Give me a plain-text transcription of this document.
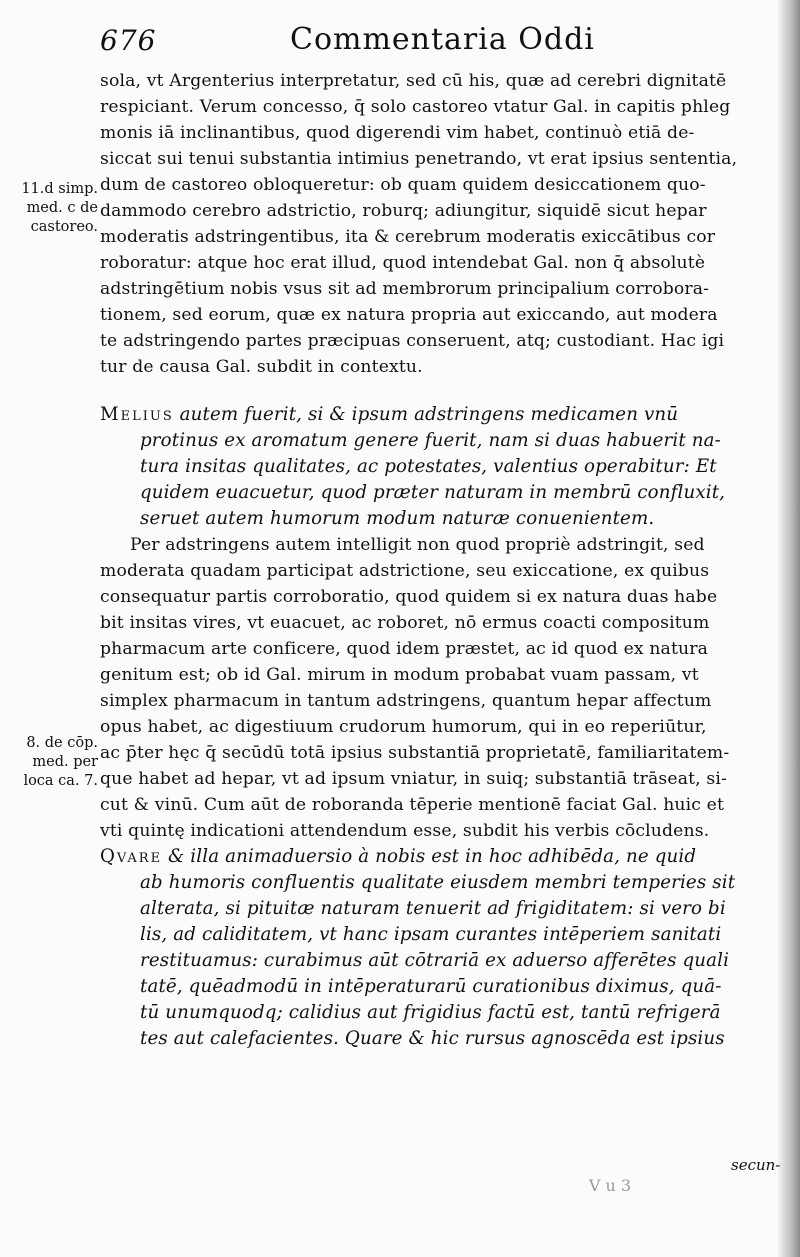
676	Commentaria Oddi
11.d simp.
med. c de
castoreo.
8. de cōp.
med. per
loca ca. 7.
sola, vt Argenterius interpretatur, sed cū his, quæ ad cerebri dignitatē
respiciant. Verum concesso, q̄ solo castoreo vtatur Gal. in capitis phleg
monis iā inclinantibus, quod digerendi vim habet, continuò etiā de-
siccat sui tenui substantia intimius penetrando, vt erat ipsius sententia,
dum de castoreo obloqueretur: ob quam quidem desiccationem quo-
dammodo cerebro adstrictio, roburq; adiungitur, siquidē sicut hepar
moderatis adstringentibus, ita & cerebrum moderatis exiccātibus cor
roboratur: atque hoc erat illud, quod intendebat Gal. non q̄ absolutè
adstringētium nobis vsus sit ad membrorum principalium corrobora-
tionem, sed eorum, quæ ex natura propria aut exiccando, aut modera
te adstringendo partes præcipuas conseruent, atq; custodiant. Hac igi
tur de causa Gal. subdit in contextu.
Melius autem fuerit, si & ipsum adstringens medicamen vnū
protinus ex aromatum genere fuerit, nam si duas habuerit na-
tura insitas qualitates, ac potestates, valentius operabitur: Et
quidem euacuetur, quod præter naturam in membrū confluxit,
seruet autem humorum modum naturæ conuenientem.
Per adstringens autem intelligit non quod propriè adstringit, sed
moderata quadam participat adstrictione, seu exiccatione, ex quibus
consequatur partis corroboratio, quod quidem si ex natura duas habe
bit insitas vires, vt euacuet, ac roboret, nō ermus coacti compositum
pharmacum arte conficere, quod idem præstet, ac id quod ex natura
genitum est; ob id Gal. mirum in modum probabat vuam passam, vt
simplex pharmacum in tantum adstringens, quantum hepar affectum
opus habet, ac digestiuum crudorum humorum, qui in eo reperiūtur,
ac p̄ter hęc q̄ secūdū totā ipsius substantiā proprietatē, familiaritatem-
que habet ad hepar, vt ad ipsum vniatur, in suiq; substantiā trāseat, si-
cut & vinū. Cum aūt de roboranda tēperie mentionē faciat Gal. huic et
vti quintę indicationi attendendum esse, subdit his verbis cōcludens.
Qvare & illa animaduersio à nobis est in hoc adhibēda, ne quid
ab humoris confluentis qualitate eiusdem membri temperies sit
alterata, si pituitæ naturam tenuerit ad frigiditatem: si vero bi
lis, ad caliditatem, vt hanc ipsam curantes intēperiem sanitati
restituamus: curabimus aūt cōtrariā ex aduerso afferētes quali
tatē, quēadmodū in intēperaturarū curationibus diximus, quā-
tū unumquodq; calidius aut frigidius factū est, tantū refrigerā
tes aut calefacientes. Quare & hic rursus agnoscēda est ipsius
secun-
V u 3
